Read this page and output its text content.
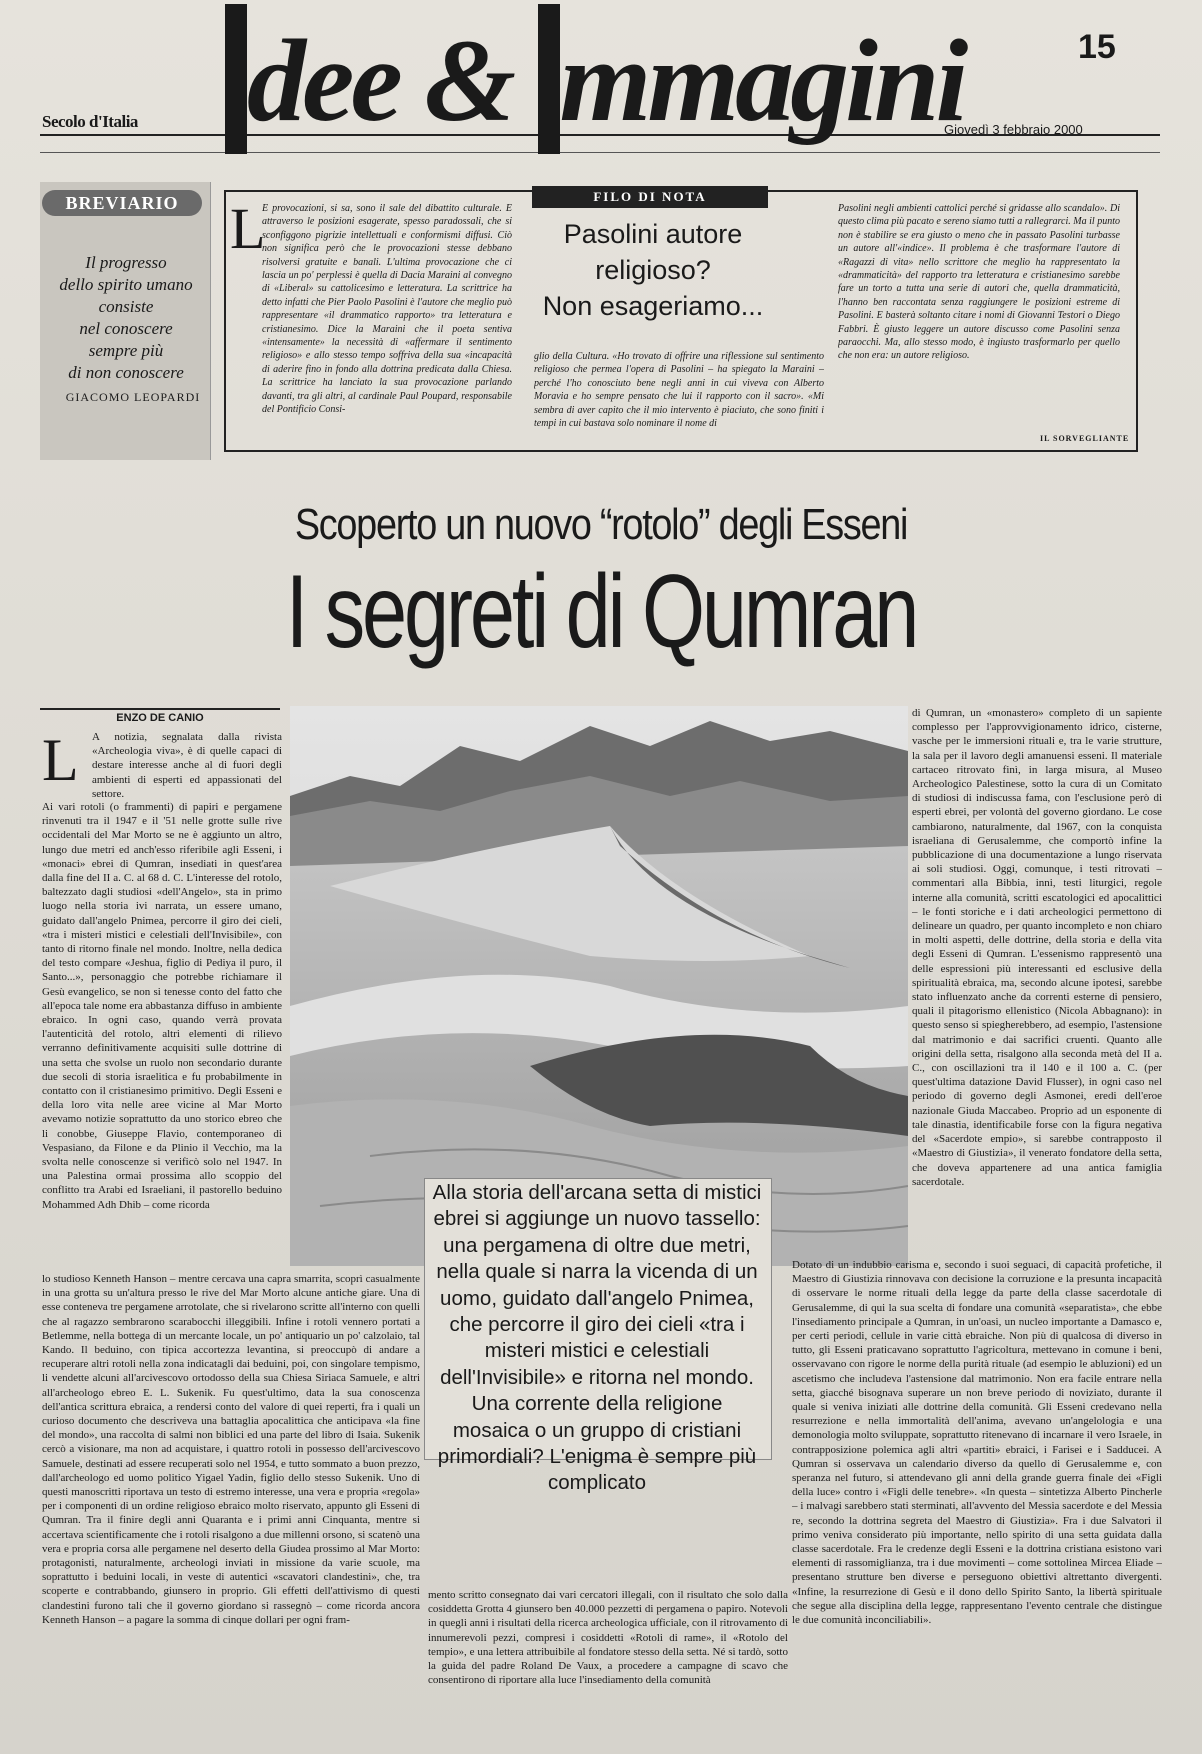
15
Secolo d'Italia dee & mmagini
Giovedì 3 febbraio 2000
BREVIARIO
Il progresso
dello spirito umano
consiste
nel conoscere
sempre più
di non conoscere
GIACOMO LEOPARDI
L
E provocazioni, si sa, sono il sale del dibattito culturale. E attraverso le posizioni esagerate, spesso paradossali, che si sconfiggono pigrizie intellettuali e conformismi diffusi. Ciò non significa però che le provocazioni stesse debbano risolversi gratuite e banali. L'ultima provocazione che ci lascia un po' perplessi è quella di Dacia Maraini al convegno di «Liberal» su cattolicesimo e letteratura. La scrittrice ha detto infatti che Pier Paolo Pasolini è l'autore che meglio può rappresentare «il drammatico rapporto» tra letteratura e cristianesimo. Dice la Maraini che il poeta sentiva «intensamente» la necessità di «affermare il sentimento religioso» e allo stesso tempo soffriva della sua «incapacità di aderire fino in fondo alla dottrina predicata dalla Chiesa. La scrittrice ha lanciato la sua provocazione parlando davanti, tra gli altri, al cardinale Paul Poupard, responsabile del Pontificio Consi-
FILO DI NOTA
Pasolini autore
religioso?
Non esageriamo...
glio della Cultura. «Ho trovato di offrire una riflessione sul sentimento religioso che permea l'opera di Pasolini – ha spiegato la Maraini – perché l'ho conosciuto bene negli anni in cui viveva con Alberto Moravia e ho sempre pensato che lui il rapporto con il sacro». «Mi sembra di aver capito che il mio intervento è piaciuto, che sono finiti i tempi in cui bastava solo nominare il nome di
Pasolini negli ambienti cattolici perché si gridasse allo scandalo». Di questo clima più pacato e sereno siamo tutti a rallegrarci. Ma il punto non è stabilire se era giusto o meno che in passato Pasolini turbasse un autore all'«indice». Il problema è che trasformare l'autore di «Ragazzi di vita» nello scrittore che meglio ha rappresentato la «drammaticità» del rapporto tra letteratura e cristianesimo sarebbe fare un torto a tutta una serie di autori che, quella drammaticità, l'hanno ben raccontata senza raggiungere le posizioni estreme di Pasolini. E basterà soltanto citare i nomi di Giovanni Testori o Diego Fabbri. È giusto leggere un autore discusso come Pasolini senza paraocchi. Ma, allo stesso modo, è ingiusto trasformarlo per quello che non era: un autore religioso.
IL SORVEGLIANTE
Scoperto un nuovo “rotolo” degli Esseni
I segreti di Qumran
ENZO DE CANIO
L A notizia, segnalata dalla rivista «Archeologia viva», è di quelle capaci di destare interesse anche al di fuori degli ambienti di esperti ed appassionati del settore.
Ai vari rotoli (o frammenti) di papiri e pergamene rinvenuti tra il 1947 e il '51 nelle grotte sulle rive occidentali del Mar Morto se ne è aggiunto un altro, lungo due metri ed anch'esso riferibile agli Esseni, i «monaci» ebrei di Qumran, insediati in quest'area dalla fine del II a. C. al 68 d. C. L'interesse del rotolo, baltezzato dagli studiosi «dell'Angelo», sta in primo luogo nella storia ivi narrata, un essere umano, guidato dall'angelo Pnimea, percorre il giro dei cieli, «tra i misteri mistici e celestiali dell'Invisibile», con tanto di ritorno finale nel mondo. Inoltre, nella dedica del testo compare «Jeshua, figlio di Pediya il puro, il Santo...», personaggio che potrebbe richiamare il Gesù evangelico, se non si tenesse conto del fatto che all'epoca tale nome era abbastanza diffuso in ambiente ebraico. In ogni caso, quando verrà provata l'autenticità del rotolo, altri elementi di rilievo verranno definitivamente acquisiti sulle dottrine di una setta che svolse un ruolo non secondario durante due secoli di storia israelitica e fu probabilmente in contatto con il cristianesimo primitivo. Degli Esseni e della loro vita nelle aree vicine al Mar Morto avevamo notizie soprattutto da uno storico ebreo che li conobbe, Giuseppe Flavio, contemporaneo di Vespasiano, da Filone e da Plinio il Vecchio, ma la svolta nelle conoscenze si verificò solo nel 1947. In una Palestina ormai prossima allo scoppio del conflitto tra Arabi ed Israeliani, il pastorello beduino Mohammed Adh Dhib – come ricorda
lo studioso Kenneth Hanson – mentre cercava una capra smarrita, scoprì casualmente in una grotta su un'altura presso le rive del Mar Morto alcune antiche giare. Una di esse conteneva tre pergamene arrotolate, che si rivelarono scritte all'interno con quelli che al ragazzo sembrarono scarabocchi illeggibili. Infine i rotoli vennero portati a Betlemme, nella bottega di un mercante locale, un po' antiquario un po' calzolaio, tal Kando. Il beduino, con tipica accortezza levantina, si preoccupò di andare a recuperare altri rotoli nella zona indicatagli dai beduini, poi, con singolare tempismo, li vendette alcuni all'arcivescovo ortodosso della sua Chiesa Siriaca Samuele, e altri all'archeologo ebreo E. L. Sukenik. Fu quest'ultimo, data la sua conoscenza dell'antica scrittura ebraica, a rendersi conto del valore di quei reperti, fra i quali un curioso documento che descriveva una battaglia apocalittica che anticipava «la fine del mondo», una raccolta di salmi non biblici ed una parte del libro di Isaia. Sukenik cercò a visionare, ma non ad acquistare, i quattro rotoli in possesso dell'arcivescovo Samuele, destinati ad essere recuperati solo nel 1954, e tutto sommato a buon prezzo, dall'archeologo ed uomo politico Yigael Yadin, figlio dello stesso Sukenik. Uno di questi manoscritti riportava un testo di estremo interesse, una vera e propria «regola» per i componenti di un ordine religioso ebraico molto riservato, appunto gli Esseni di Qumran. Tra il finire degli anni Quaranta e i primi anni Cinquanta, mentre si accertava scientificamente che i rotoli risalgono a due millenni orsono, si scatenò una vera e propria corsa alle pergamene nel deserto della Giudea prossimo al Mar Morto: protagonisti, naturalmente, archeologi inviati in missione da varie scuole, ma soprattutto i beduini locali, in veste di autentici «scavatori clandestini», che, tra scoperte e contrabbando, giunsero in proprio. Gli effetti dell'attivismo di questi clandestini furono tali che il governo giordano si rassegnò – come ricorda ancora Kenneth Hanson – a pagare la somma di cinque dollari per ogni fram-
Alla storia dell'arcana setta di mistici ebrei si aggiunge un nuovo tassello: una pergamena di oltre due metri, nella quale si narra la vicenda di un uomo, guidato dall'angelo Pnimea, che percorre il giro dei cieli «tra i misteri mistici e celestiali dell'Invisibile» e ritorna nel mondo. Una corrente della religione mosaica o un gruppo di cristiani primordiali? L'enigma è sempre più complicato
mento scritto consegnato dai vari cercatori illegali, con il risultato che solo dalla cosiddetta Grotta 4 giunsero ben 40.000 pezzetti di pergamena o papiro. Notevoli in quegli anni i risultati della ricerca archeologica ufficiale, con il ritrovamento di innumerevoli pezzi, compresi i cosiddetti «Rotoli di rame», il «Rotolo del tempio», e una lettera attribuibile al fondatore stesso della setta. Né si tardò, sotto la guida del padre Roland De Vaux, a procedere a campagne di scavo che consentirono di riportare alla luce l'insediamento della comunità
di Qumran, un «monastero» completo di un sapiente complesso per l'approvvigionamento idrico, cisterne, vasche per le immersioni rituali e, tra le varie strutture, la sala per il lavoro degli amanuensi esseni. Il materiale cartaceo ritrovato finì, in larga misura, al Museo Archeologico Palestinese, sotto la cura di un Comitato di studiosi di indiscussa fama, con l'esclusione però di esperti ebrei, per volontà del governo giordano. Le cose cambiarono, naturalmente, dal 1967, con la conquista israeliana di Gerusalemme, che comportò infine la pubblicazione di una documentazione a lungo riservata ai soli studiosi. Oggi, comunque, i testi ritrovati – commentari alla Bibbia, inni, testi liturgici, regole interne alla comunità, scritti escatologici ed apocalittici – le fonti storiche e i dati archeologici permettono di delineare un quadro, per quanto incompleto e non chiaro in molti aspetti, delle dottrine, della storia e della vita degli Esseni di Qumran. L'essenismo rappresentò una delle espressioni più interessanti ed esclusive della spiritualità ebraica, ma, secondo alcune ipotesi, sarebbe stato influenzato anche da correnti esterne di pensiero, quali il pitagorismo ellenistico (Nicola Abbagnano): in questo senso si spiegherebbero, ad esempio, l'astensione dal matrimonio e dai sacrifici cruenti. Quanto alle origini della setta, risalgono alla seconda metà del II a. C., con oscillazioni tra il 140 e il 100 a. C. (per quest'ultima datazione David Flusser), in ogni caso nel periodo di governo degli Asmonei, eredi dell'eroe nazionale Giuda Maccabeo. Proprio ad un esponente di tale dinastia, identificabile forse con la figura negativa del «Sacerdote empio», si sarebbe contrapposto il «Maestro di Giustizia», il venerato fondatore della setta, che doveva appartenere ad una antica famiglia sacerdotale.
Dotato di un indubbio carisma e, secondo i suoi seguaci, di capacità profetiche, il Maestro di Giustizia rinnovava con decisione la corruzione e la presunta incapacità di osservare le norme rituali della legge da parte della classe sacerdotale di Gerusalemme, di qui la sua scelta di fondare una comunità «separatista», che ebbe l'insediamento principale a Qumran, in un'oasi, un nucleo importante a Damasco e, per certi periodi, cellule in varie città ebraiche. Non più di qualcosa di diverso in tutto, gli Esseni praticavano soprattutto l'agricoltura, mettevano in comune i beni, osservavano con rigore le norme della purità rituale (ad esempio le abluzioni) ed un ascetismo che includeva l'astensione dal matrimonio. Non era facile entrare nella setta, giacché bisognava superare un non breve periodo di noviziato, durante il quale si veniva iniziati alle dottrine della comunità. Gli Esseni credevano nella resurrezione e nella immortalità dell'anima, avevano un'angelologia e una demonologia molto sviluppate, soprattutto ritenevano di incarnare il vero Israele, in contrapposizione polemica agli altri «partiti» ebraici, i Farisei e i Sadducei. A Qumran si osservava un calendario diverso da quello di Gerusalemme e, con speranza nel futuro, si attendevano gli anni della grande guerra finale dei «Figli della luce» contro i «Figli delle tenebre». «In questa – sintetizza Alberto Pincherle – i malvagi sarebbero stati sterminati, all'avvento del Messia sacerdote e del Messia re, secondo la dottrina segreta del Maestro di Giustizia». Fra i due Salvatori il primo veniva considerato più importante, nello spirito di una setta guidata dalla classe sacerdotale. Fra le credenze degli Esseni e la dottrina cristiana esistono vari elementi di rassomiglianza, tra i due movimenti – come sottolinea Mircea Eliade – presentano strutture ben diverse e perseguono obiettivi altrettanto divergenti. «Infine, la resurrezione di Gesù e il dono dello Spirito Santo, la libertà spirituale che segue alla disciplina della legge, rappresentano l'evento centrale che distingue le due comunità inconciliabili».
